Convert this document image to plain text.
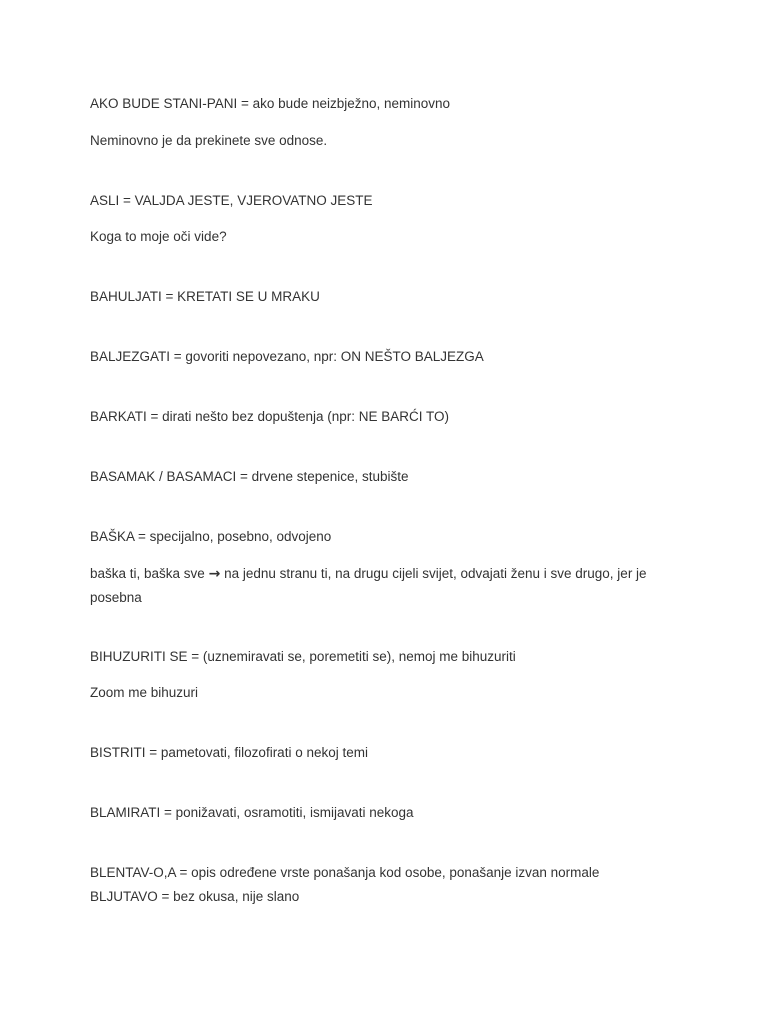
AKO BUDE STANI-PANI = ako bude neizbježno, neminovno
Neminovno je da prekinete sve odnose.
ASLI = VALJDA JESTE, VJEROVATNO JESTE
Koga to moje oči vide?
BAHULJATI = KRETATI SE U MRAKU
BALJEZGATI = govoriti nepovezano, npr: ON NEŠTO BALJEZGA
BARKATI = dirati nešto bez dopuštenja (npr: NE BARĆI TO)
BASAMAK / BASAMACI = drvene stepenice, stubište
BAŠKA = specijalno, posebno, odvojeno
baška ti, baška sve → na jednu stranu ti, na drugu cijeli svijet, odvajati ženu i sve drugo, jer je posebna
BIHUZURITI SE = (uznemiravati se, poremetiti se), nemoj me bihuzuriti
Zoom me bihuzuri
BISTRITI = pametovati, filozofirati o nekoj temi
BLAMIRATI = ponižavati, osramotiti, ismijavati nekoga
BLENTAV-O,A = opis određene vrste ponašanja kod osobe, ponašanje izvan normale
BLJUTAVO = bez okusa, nije slano
